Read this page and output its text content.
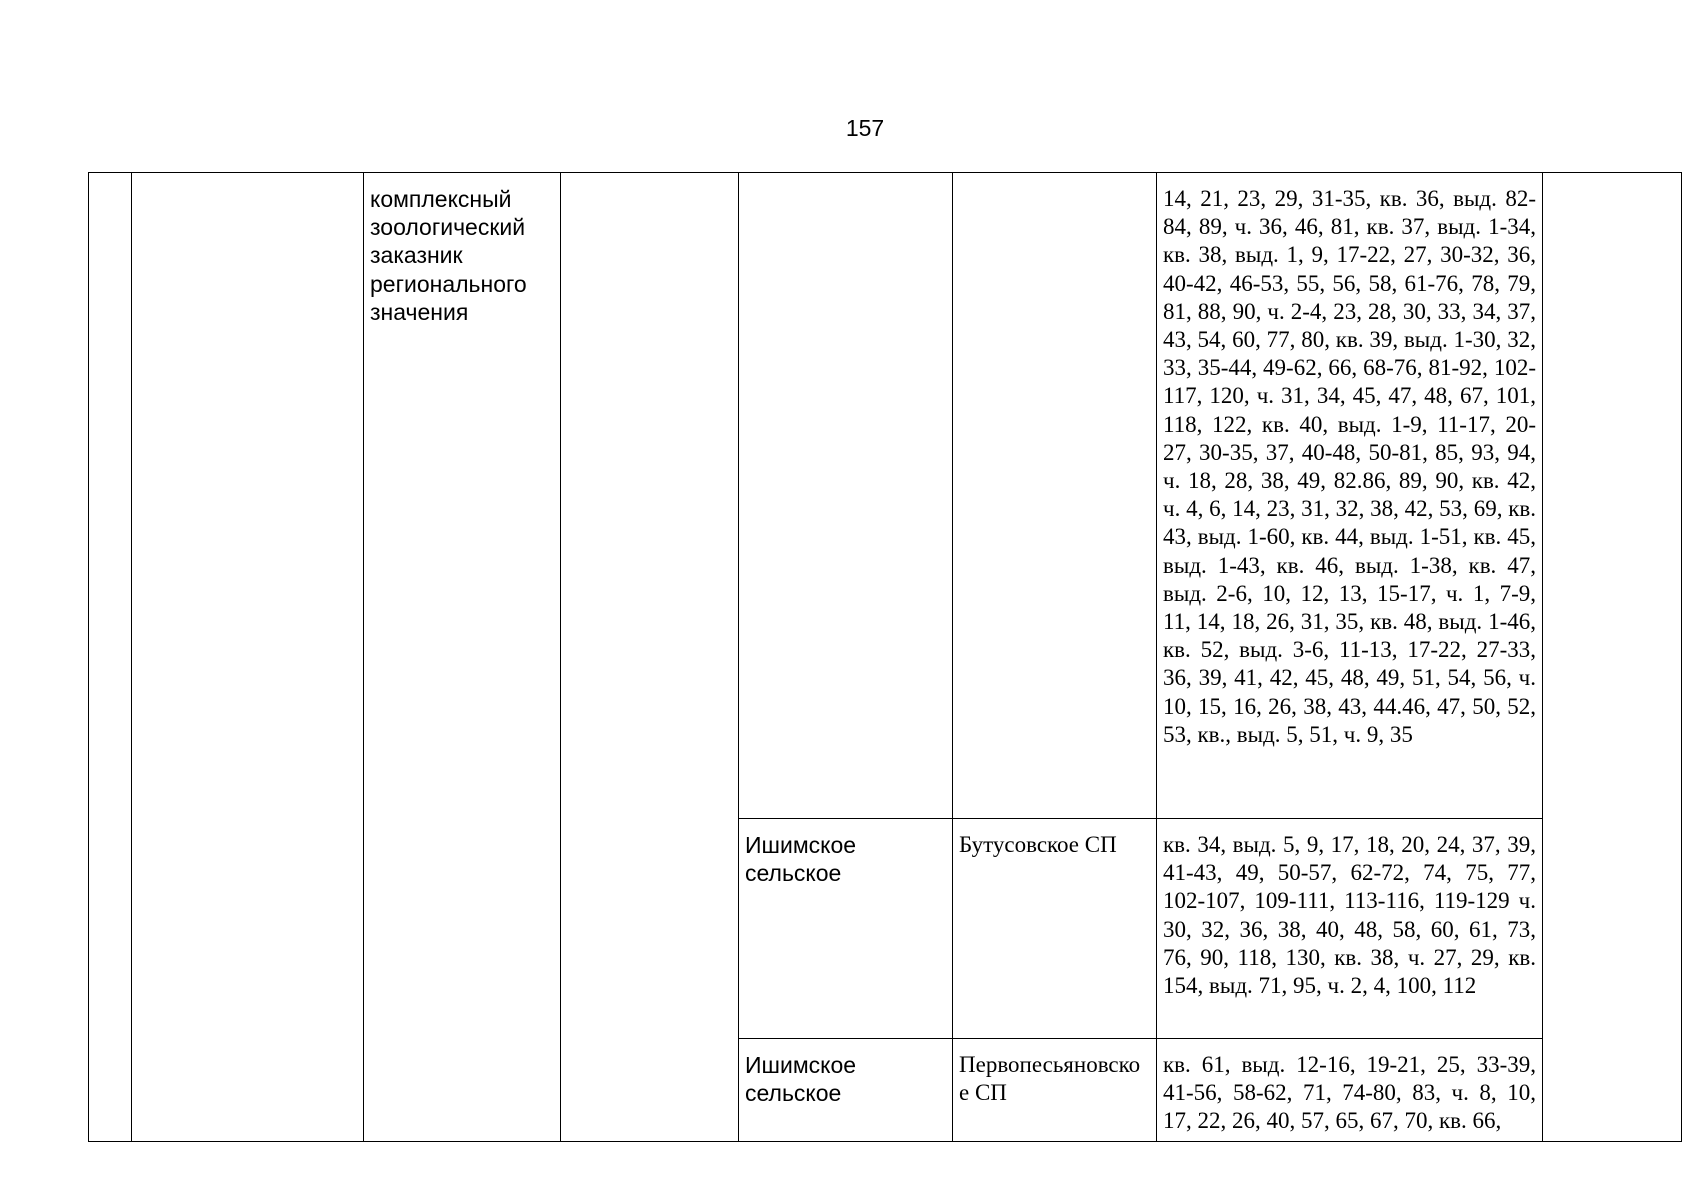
157
		комплексный зоологический заказник регионального значения				14, 21, 23, 29, 31-35, кв. 36, выд. 82-84, 89, ч. 36, 46, 81, кв. 37, выд. 1-34, кв. 38, выд. 1, 9, 17-22, 27, 30-32, 36, 40-42, 46-53, 55, 56, 58, 61-76, 78, 79, 81, 88, 90, ч. 2-4, 23, 28, 30, 33, 34, 37, 43, 54, 60, 77, 80, кв. 39, выд. 1-30, 32, 33, 35-44, 49-62, 66, 68-76, 81-92, 102-117, 120, ч. 31, 34, 45, 47, 48, 67, 101, 118, 122, кв. 40, выд. 1-9, 11-17, 20-27, 30-35, 37, 40-48, 50-81, 85, 93, 94, ч. 18, 28, 38, 49, 82.86, 89, 90, кв. 42, ч. 4, 6, 14, 23, 31, 32, 38, 42, 53, 69, кв. 43, выд. 1-60, кв. 44, выд. 1-51, кв. 45, выд. 1-43, кв. 46, выд. 1-38, кв. 47, выд. 2-6, 10, 12, 13, 15-17, ч. 1, 7-9, 11, 14, 18, 26, 31, 35, кв. 48, выд. 1-46, кв. 52, выд. 3-6, 11-13, 17-22, 27-33, 36, 39, 41, 42, 45, 48, 49, 51, 54, 56, ч. 10, 15, 16, 26, 38, 43, 44.46, 47, 50, 52, 53, кв., выд. 5, 51, ч. 9, 35	
				Ишимское сельское	Бутусовское СП	кв. 34, выд. 5, 9, 17, 18, 20, 24, 37, 39, 41-43, 49, 50-57, 62-72, 74, 75, 77, 102-107, 109-111, 113-116, 119-129 ч. 30, 32, 36, 38, 40, 48, 58, 60, 61, 73, 76, 90, 118, 130, кв. 38, ч. 27, 29, кв. 154, выд. 71, 95, ч. 2, 4, 100, 112	
				Ишимское сельское	Первопесьяновское СП	кв. 61, выд. 12-16, 19-21, 25, 33-39, 41-56, 58-62, 71, 74-80, 83, ч. 8, 10, 17, 22, 26, 40, 57, 65, 67, 70, кв. 66,	
